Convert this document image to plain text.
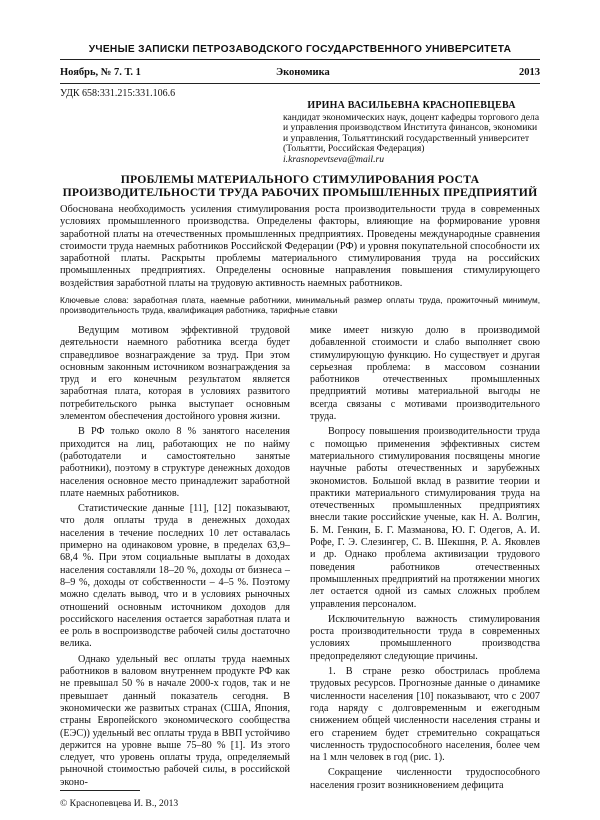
УЧЕНЫЕ ЗАПИСКИ ПЕТРОЗАВОДСКОГО ГОСУДАРСТВЕННОГО УНИВЕРСИТЕТА
Ноябрь, № 7. Т. 1	Экономика	2013
УДК 658:331.215:331.106.6
ИРИНА ВАСИЛЬЕВНА КРАСНОПЕВЦЕВА
кандидат экономических наук, доцент кафедры торгового дела и управления производством Института финансов, экономики и управления, Тольяттинский государственный университет (Тольятти, Российская Федерация)
i.krasnopevtseva@mail.ru
ПРОБЛЕМЫ МАТЕРИАЛЬНОГО СТИМУЛИРОВАНИЯ РОСТА ПРОИЗВОДИТЕЛЬНОСТИ ТРУДА РАБОЧИХ ПРОМЫШЛЕННЫХ ПРЕДПРИЯТИЙ
Обоснована необходимость усиления стимулирования роста производительности труда в современных условиях промышленного производства. Определены факторы, влияющие на формирование уровня заработной платы на отечественных промышленных предприятиях. Проведены международные сравнения стоимости труда наемных работников Российской Федерации (РФ) и уровня покупательной способности их заработной платы. Раскрыты проблемы материального стимулирования труда на российских промышленных предприятиях. Определены основные направления повышения стимулирующего воздействия заработной платы на трудовую активность наемных работников.
Ключевые слова: заработная плата, наемные работники, минимальный размер оплаты труда, прожиточный минимум, производительность труда, квалификация работника, тарифные ставки

Ведущим мотивом эффективной трудовой деятельности наемного работника всегда будет справедливое вознаграждение за труд. При этом основным законным источником вознаграждения за труд и его конечным результатом является заработная плата, которая в условиях развитого потребительского рынка выступает основным элементом обеспечения достойного уровня жизни.

В РФ только около 8 % занятого населения приходится на лиц, работающих не по найму (работодатели и самостоятельно занятые работники), поэтому в структуре денежных доходов населения основное место принадлежит заработной плате наемных работников.

Статистические данные [11], [12] показывают, что доля оплаты труда в денежных доходах населения в течение последних 10 лет оставалась примерно на одинаковом уровне, в пределах 63,9–68,4 %. При этом социальные выплаты в доходах населения составляли 18–20 %, доходы от бизнеса – 8–9 %, доходы от собственности – 4–5 %. Поэтому можно сделать вывод, что и в условиях рыночных отношений основным источником доходов для российского населения остается заработная плата и ее роль в воспроизводстве рабочей силы достаточно велика.

Однако удельный вес оплаты труда наемных работников в валовом внутреннем продукте РФ как не превышал 50 % в начале 2000-х годов, так и не превышает данный показатель сегодня. В экономически же развитых странах (США, Япония, страны Европейского экономического сообщества (ЕЭС)) удельный вес оплаты труда в ВВП устойчиво держится на уровне выше 75–80 % [1]. Из этого следует, что уровень оплаты труда, определяемый рыночной стоимостью рабочей силы, в российской эконо-

мике имеет низкую долю в производимой добавленной стоимости и слабо выполняет свою стимулирующую функцию. Но существует и другая серьезная проблема: в массовом сознании работников отечественных промышленных предприятий мотивы материальной выгоды не всегда связаны с мотивами производительного труда.

Вопросу повышения производительности труда с помощью применения эффективных систем материального стимулирования посвящены многие научные работы отечественных и зарубежных экономистов. Большой вклад в развитие теории и практики материального стимулирования труда на отечественных промышленных предприятиях внесли такие российские ученые, как Н. А. Волгин, Б. М. Генкин, Б. Г. Мазманова, Ю. Г. Одегов, А. И. Рофе, Г. Э. Слезингер, С. В. Шекшня, Р. А. Яковлев и др. Однако проблема активизации трудового поведения работников отечественных промышленных предприятий на протяжении многих лет остается одной из самых сложных проблем управления персоналом.

Исключительную важность стимулирования роста производительности труда в современных условиях промышленного производства предопределяют следующие причины.

1. В стране резко обострилась проблема трудовых ресурсов. Прогнозные данные о динамике численности населения [10] показывают, что с 2007 года наряду с долговременным и ежегодным снижением общей численности населения страны и его старением будет стремительно сокращаться численность трудоспособного населения, более чем на 1 млн человек в год (рис. 1).

Сокращение численности трудоспособного населения грозит возникновением дефицита

© Краснопевцева И. В., 2013
